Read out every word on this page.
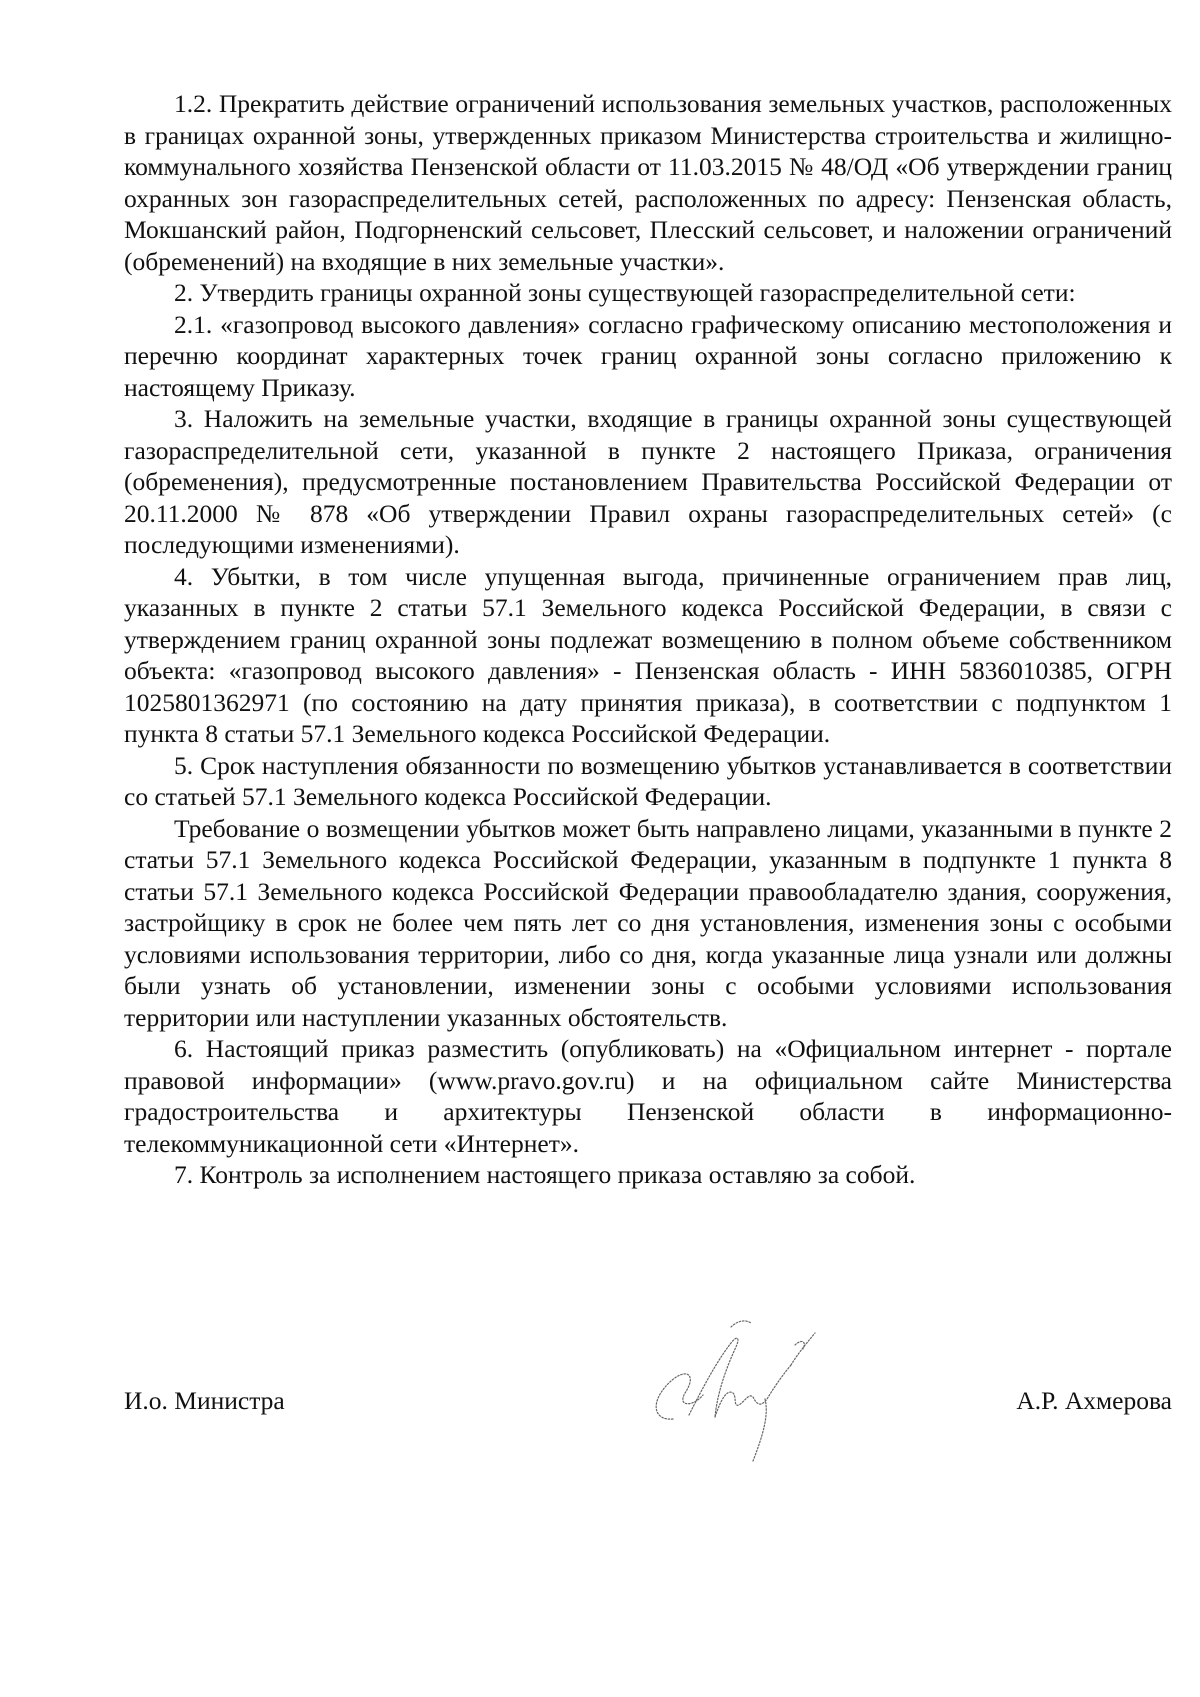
1.2. Прекратить действие ограничений использования земельных участков, расположенных в границах охранной зоны, утвержденных приказом Министерства строительства и жилищно-коммунального хозяйства Пензенской области от 11.03.2015 № 48/ОД «Об утверждении границ охранных зон газораспределительных сетей, расположенных по адресу: Пензенская область, Мокшанский район, Подгорненский сельсовет, Плесский сельсовет, и наложении ограничений (обременений) на входящие в них земельные участки».

2. Утвердить границы охранной зоны существующей газораспределительной сети:

2.1. «газопровод высокого давления» согласно графическому описанию местоположения и перечню координат характерных точек границ охранной зоны согласно приложению к настоящему Приказу.

3. Наложить на земельные участки, входящие в границы охранной зоны существующей газораспределительной сети, указанной в пункте 2 настоящего Приказа, ограничения (обременения), предусмотренные постановлением Правительства Российской Федерации от 20.11.2000 № 878 «Об утверждении Правил охраны газораспределительных сетей» (с последующими изменениями).

4. Убытки, в том числе упущенная выгода, причиненные ограничением прав лиц, указанных в пункте 2 статьи 57.1 Земельного кодекса Российской Федерации, в связи с утверждением границ охранной зоны подлежат возмещению в полном объеме собственником объекта: «газопровод высокого давления» - Пензенская область - ИНН 5836010385, ОГРН 1025801362971 (по состоянию на дату принятия приказа), в соответствии с подпунктом 1 пункта 8 статьи 57.1 Земельного кодекса Российской Федерации.

5. Срок наступления обязанности по возмещению убытков устанавливается в соответствии со статьей 57.1 Земельного кодекса Российской Федерации.

Требование о возмещении убытков может быть направлено лицами, указанными в пункте 2 статьи 57.1 Земельного кодекса Российской Федерации, указанным в подпункте 1 пункта 8 статьи 57.1 Земельного кодекса Российской Федерации правообладателю здания, сооружения, застройщику в срок не более чем пять лет со дня установления, изменения зоны с особыми условиями использования территории, либо со дня, когда указанные лица узнали или должны были узнать об установлении, изменении зоны с особыми условиями использования территории или наступлении указанных обстоятельств.

6. Настоящий приказ разместить (опубликовать) на «Официальном интернет - портале правовой информации» (www.pravo.gov.ru) и на официальном сайте Министерства градостроительства и архитектуры Пензенской области в информационно-телекоммуникационной сети «Интернет».

7. Контроль за исполнением настоящего приказа оставляю за собой.

И.о. Министра	А.Р. Ахмерова
